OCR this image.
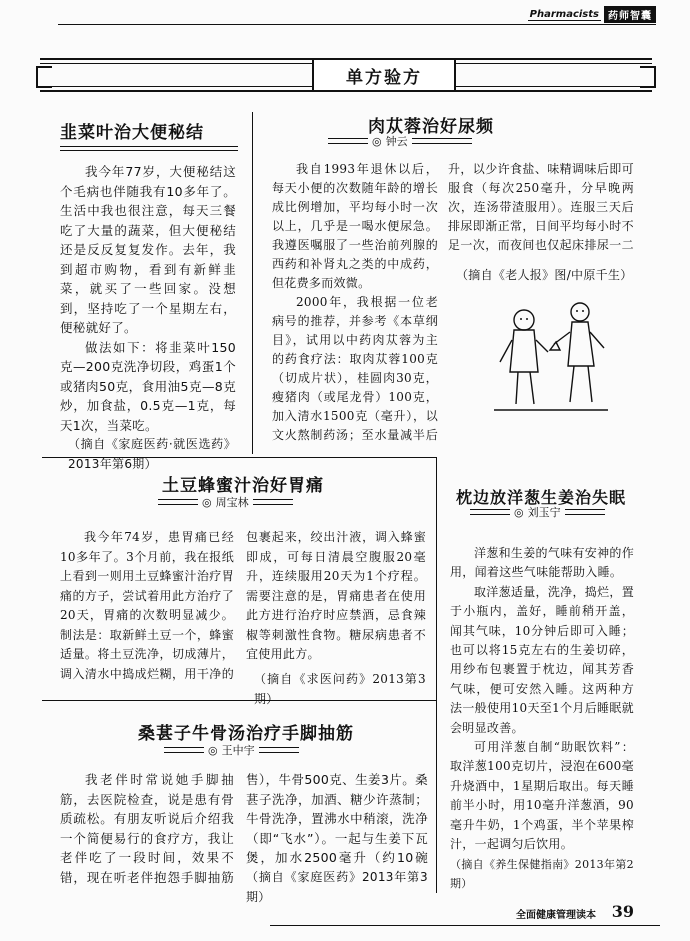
Pharmacists 药师智囊
单方验方
韭菜叶治大便秘结

我今年77岁，大便秘结这个毛病也伴随我有10多年了。生活中我也很注意，每天三餐吃了大量的蔬菜，但大便秘结还是反反复复发作。去年，我到超市购物，看到有新鲜韭菜，就买了一些回家。没想到，坚持吃了一个星期左右，便秘就好了。

做法如下：将韭菜叶150克—200克洗净切段，鸡蛋1个或猪肉50克，食用油5克—8克炒，加食盐，0.5克—1克，每天1次，当菜吃。

（摘自《家庭医药·就医选药》2013年第6期）

肉苁蓉治好尿频
◎ 钟云

我自1993年退休以后，每天小便的次数随年龄的增长成比例增加，平均每小时一次以上，几乎是一喝水便尿急。我遵医嘱服了一些治前列腺的西药和补肾丸之类的中成药，但花费多而效微。

2000年，我根据一位老病号的推荐，并参考《本草纲目》，试用以中药肉苁蓉为主的药食疗法：取肉苁蓉100克（切成片状），桂圆肉30克，瘦猪肉（或尾龙骨）100克，加入清水1500克（毫升），以文火熬制药汤；至水量减半后

升，以少许食盐、味精调味后即可服食（每次250毫升，分早晚两次，连汤带渣服用）。连服三天后排尿即渐正常，日间平均每小时不足一次，而夜间也仅起床排尿一二

（摘自《老人报》图/中原千生）

土豆蜂蜜汁治好胃痛
◎ 周宝林

我今年74岁，患胃痛已经10多年了。3个月前，我在报纸上看到一则用土豆蜂蜜汁治疗胃痛的方子，尝试着用此方治疗了20天，胃痛的次数明显减少。制法是：取新鲜土豆一个，蜂蜜适量。将土豆洗净，切成薄片，调入清水中捣成烂糊，用干净的

包裹起来，绞出汁液，调入蜂蜜即成，可每日清晨空腹服20毫升，连续服用20天为1个疗程。需要注意的是，胃痛患者在使用此方进行治疗时应禁酒，忌食辣椒等刺激性食物。糖尿病患者不宜使用此方。

（摘自《求医问药》2013第3期）

枕边放洋葱生姜治失眠
◎ 刘玉宁

洋葱和生姜的气味有安神的作用，闻着这些气味能帮助入睡。

取洋葱适量，洗净，捣烂，置于小瓶内，盖好，睡前稍开盖，闻其气味，10分钟后即可入睡；也可以将15克左右的生姜切碎，用纱布包裹置于枕边，闻其芳香气味，便可安然入睡。这两种方法一般使用10天至1个月后睡眠就会明显改善。

可用洋葱自制“助眠饮料”：取洋葱100克切片，浸泡在600毫升烧酒中，1星期后取出。每天睡前半小时，用10毫升洋葱酒，90毫升牛奶，1个鸡蛋，半个苹果榨汁，一起调匀后饮用。

（摘自《养生保健指南》2013年第2期）

桑葚子牛骨汤治疗手脚抽筋
◎ 王中宇

我老伴时常说她手脚抽筋，去医院检查，说是患有骨质疏松。有朋友听说后介绍我一个简便易行的食疗方，我让老伴吃了一段时间，效果不错，现在听老伴抱怨手脚抽筋

售），牛骨500克、生姜3片。桑葚子洗净，加酒、糖少许蒸制；牛骨洗净，置沸水中稍滚，洗净（即“飞水”）。一起与生姜下瓦煲，加水2500毫升（约10碗

（摘自《家庭医药》2013年第3期）

全面健康管理读本 39
